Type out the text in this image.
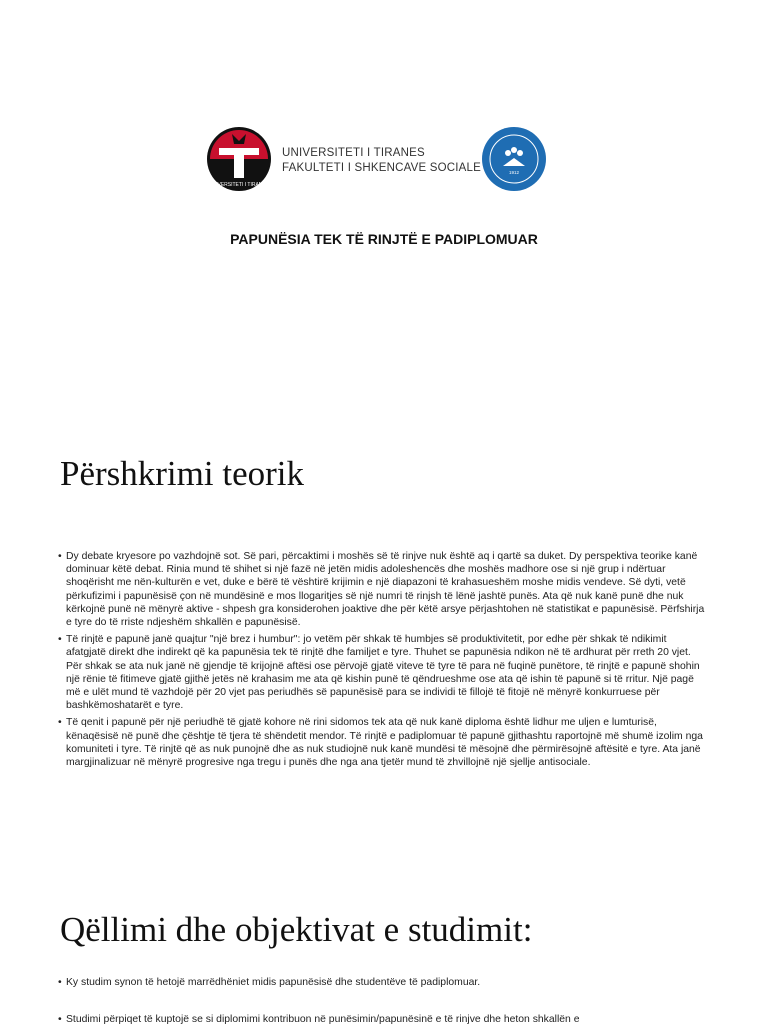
UNIVERSITETI I TIRANËS
UNIVERSITETI I TIRANES
FAKULTETI I SHKENCAVE SOCIALE	1912
PAPUNËSIA TEK TË RINJTË E PADIPLOMUAR
Përshkrimi teorik
• Dy debate kryesore po vazhdojnë sot. Së pari, përcaktimi i moshës së të rinjve nuk është aq i qartë sa duket. Dy perspektiva teorike kanë dominuar këtë debat. Rinia mund të shihet si një fazë në jetën midis adoleshencës dhe moshës madhore ose si një grup i ndërtuar shoqërisht me nën-kulturën e vet, duke e bërë të vështirë krijimin e një diapazoni të krahasueshëm moshe midis vendeve. Së dyti, vetë përkufizimi i papunësisë çon në mundësinë e mos llogaritjes së një numri të rinjsh të lënë jashtë punës. Ata që nuk kanë punë dhe nuk kërkojnë punë në mënyrë aktive - shpesh gra konsiderohen joaktive dhe për këtë arsye përjashtohen në statistikat e papunësisë. Përfshirja e tyre do të rriste ndjeshëm shkallën e papunësisë.
• Të rinjtë e papunë janë quajtur "një brez i humbur": jo vetëm për shkak të humbjes së produktivitetit, por edhe për shkak të ndikimit afatgjatë direkt dhe indirekt që ka papunësia tek të rinjtë dhe familjet e tyre. Thuhet se papunësia ndikon në të ardhurat për rreth 20 vjet. Për shkak se ata nuk janë në gjendje të krijojnë aftësi ose përvojë gjatë viteve të tyre të para në fuqinë punëtore, të rinjtë e papunë shohin një rënie të fitimeve gjatë gjithë jetës në krahasim me ata që kishin punë të qëndrueshme ose ata që ishin të papunë si të rritur. Një pagë më e ulët mund të vazhdojë për 20 vjet pas periudhës së papunësisë para se individi të fillojë të fitojë në mënyrë konkurruese për bashkëmoshatarët e tyre.
• Të qenit i papunë për një periudhë të gjatë kohore në rini sidomos tek ata që nuk kanë diploma është lidhur me uljen e lumturisë, kënaqësisë në punë dhe çështje të tjera të shëndetit mendor. Të rinjtë e padiplomuar të papunë gjithashtu raportojnë më shumë izolim nga komuniteti i tyre. Të rinjtë që as nuk punojnë dhe as nuk studiojnë nuk kanë mundësi të mësojnë dhe përmirësojnë aftësitë e tyre. Ata janë margjinalizuar në mënyrë progresive nga tregu i punës dhe nga ana tjetër mund të zhvillojnë një sjellje antisociale.
Qëllimi dhe objektivat e studimit:
• Ky studim synon të hetojë marrëdhëniet midis papunësisë dhe studentëve të padiplomuar.
• Studimi përpiqet të kuptojë se si diplomimi kontribuon në punësimin/papunësinë e të rinjve dhe heton shkallën e
